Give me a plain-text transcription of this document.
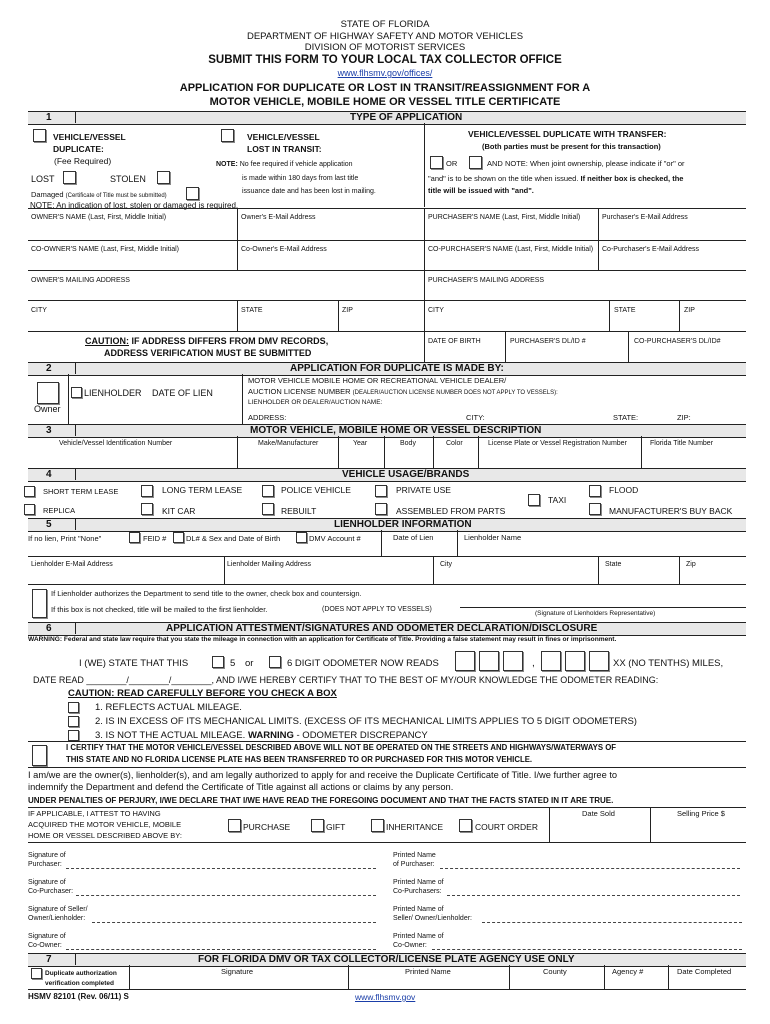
STATE OF FLORIDA
DEPARTMENT OF HIGHWAY SAFETY AND MOTOR VEHICLES
DIVISION OF MOTORIST SERVICES
SUBMIT THIS FORM TO YOUR LOCAL TAX COLLECTOR OFFICE
www.flhsmv.gov/offices/
APPLICATION FOR DUPLICATE OR LOST IN TRANSIT/REASSIGNMENT FOR A
MOTOR VEHICLE, MOBILE HOME OR VESSEL TITLE CERTIFICATE
1	TYPE OF APPLICATION
VEHICLE/VESSEL
DUPLICATE:
(Fee Required)
LOST	STOLEN
Damaged (Certificate of Title must be submitted)
NOTE: An indication of lost, stolen or damaged is required.
VEHICLE/VESSEL
LOST IN TRANSIT:
NOTE: No fee required if vehicle application
is made within 180 days from last title
issuance date and has been lost in mailing.
VEHICLE/VESSEL DUPLICATE WITH TRANSFER:
(Both parties must be present for this transaction)
OR	AND NOTE: When joint ownership, please indicate if "or" or
"and" is to be shown on the title when issued. If neither box is checked, the
title will be issued with "and".
OWNER'S NAME (Last, First, Middle Initial)	Owner's E-Mail Address	PURCHASER'S NAME (Last, First, Middle Initial)	Purchaser's E-Mail Address
CO-OWNER'S NAME (Last, First, Middle Initial)	Co-Owner's E-Mail Address	CO-PURCHASER'S NAME (Last, First, Middle Initial) Co-Purchaser's E-Mail Address
OWNER'S MAILING ADDRESS	PURCHASER'S MAILING ADDRESS
CITY	STATE	ZIP	CITY	STATE	ZIP
CAUTION: IF ADDRESS DIFFERS FROM DMV RECORDS,
ADDRESS VERIFICATION MUST BE SUBMITTED
DATE OF BIRTH	PURCHASER'S DL/ID #	CO-PURCHASER'S DL/ID#
2	APPLICATION FOR DUPLICATE IS MADE BY:
Owner
LIENHOLDER DATE OF LIEN
MOTOR VEHICLE MOBILE HOME OR RECREATIONAL VEHICLE DEALER/
AUCTION LICENSE NUMBER (DEALER/AUCTION LICENSE NUMBER DOES NOT APPLY TO VESSELS):
LIENHOLDER OR DEALER/AUCTION NAME:
ADDRESS:	CITY:	STATE:	ZIP:
3	MOTOR VEHICLE, MOBILE HOME OR VESSEL DESCRIPTION
Vehicle/Vessel Identification Number	Make/Manufacturer	Year	Body	Color	License Plate or Vessel Registration Number	Florida Title Number
4	VEHICLE USAGE/BRANDS
SHORT TERM LEASE	LONG TERM LEASE	POLICE VEHICLE	PRIVATE USE
TAXI
FLOOD
REPLICA	KIT CAR	REBUILT	ASSEMBLED FROM PARTS	MANUFACTURER'S BUY BACK
5	LIENHOLDER INFORMATION
If no lien, Print "None"	FEID #	DL# & Sex and Date of Birth	DMV Account #	Date of Lien	Lienholder Name
Lienholder E-Mail Address	Lienholder Mailing Address	City	State	Zip
If Lienholder authorizes the Department to send title to the owner, check box and countersign.
If this box is not checked, title will be mailed to the first lienholder.	(DOES NOT APPLY TO VESSELS)
(Signature of Lienholders Representative)
6	APPLICATION ATTESTMENT/SIGNATURES AND ODOMETER DECLARATION/DISCLOSURE
WARNING: Federal and state law require that you state the mileage in connection with an application for Certificate of Title. Providing a false statement may result in fines or imprisonment.
I (WE) STATE THAT THIS	5 or	6 DIGIT ODOMETER NOW READS	,	XX (NO TENTHS) MILES,
DATE READ ________/________/________, AND I/WE HEREBY CERTIFY THAT TO THE BEST OF MY/OUR KNOWLEDGE THE ODOMETER READING:
CAUTION: READ CAREFULLY BEFORE YOU CHECK A BOX
1. REFLECTS ACTUAL MILEAGE.
2. IS IN EXCESS OF ITS MECHANICAL LIMITS. (EXCESS OF ITS MECHANICAL LIMITS APPLIES TO 5 DIGIT ODOMETERS)
3. IS NOT THE ACTUAL MILEAGE. WARNING - ODOMETER DISCREPANCY
I CERTIFY THAT THE MOTOR VEHICLE/VESSEL DESCRIBED ABOVE WILL NOT BE OPERATED ON THE STREETS AND HIGHWAYS/WATERWAYS OF
THIS STATE AND NO FLORIDA LICENSE PLATE HAS BEEN TRANSFERRED TO OR PURCHASED FOR THIS MOTOR VEHICLE.
I am/we are the owner(s), lienholder(s), and am legally authorized to apply for and receive the Duplicate Certificate of Title. I/we further agree to
indemnify the Department and defend the Certificate of Title against all actions or claims by any person.
UNDER PENALTIES OF PERJURY, I/WE DECLARE THAT I/WE HAVE READ THE FOREGOING DOCUMENT AND THAT THE FACTS STATED IN IT ARE TRUE.
IF APPLICABLE, I ATTEST TO HAVING
ACQUIRED THE MOTOR VEHICLE, MOBILE
HOME OR VESSEL DESCRIBED ABOVE BY:
PURCHASE	GIFT	INHERITANCE	COURT ORDER
Date Sold	Selling Price $
Signature of
Purchaser:
Printed Name
of Purchaser:
Signature of
Co-Purchaser:
Printed Name of
Co-Purchasers:
Signature of Seller/
Owner/Lienholder:
Printed Name of
Seller/ Owner/Lienholder:
Signature of
Co-Owner:
Printed Name of
Co-Owner:
7	FOR FLORIDA DMV OR TAX COLLECTOR/LICENSE PLATE AGENCY USE ONLY
Duplicate authorization
verification completed
Signature	Printed Name	County	Agency #	Date Completed
HSMV 82101 (Rev. 06/11) S	www.flhsmv.gov
